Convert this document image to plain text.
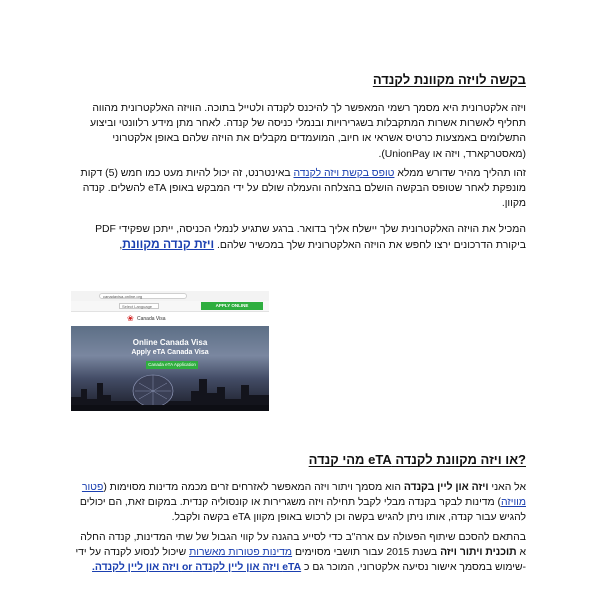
בקשה לויזה מקוונת לקנדה

ויזה אלקטרונית היא מסמך רשמי המאפשר לך להיכנס לקנדה ולטייל בתוכה. הוויזה האלקטרונית מהווה תחליף לאשרות אשרות המתקבלות בשגרירויות ובנמלי כניסה של קנדה. לאחר מתן מידע רלוונטי וביצוע התשלומים באמצעות כרטיס אשראי או חיוב, המועמדים מקבלים את הויזה שלהם באופן אלקטרוני (מאסטרקארד, ויזה או UnionPay).

זהו תהליך מהיר שדורש ממלא טופס בקשת ויזה לקנדה באינטרנט, זה יכול להיות מעט כמו חמש (5) דקות מונפקת לאחר שטופס הבקשה הושלם בהצלחה והעמלה שולם על ידי המבקש באופן eTA להשלים. קנדה מקוון.

המכיל את הויזה האלקטרונית שלך יישלח אליך בדואר. ברגע שתגיע לנמלי הכניסה, ייתכן שפקידי PDF ביקורת הדרכונים ירצו לחפש את הויזה האלקטרונית שלך במכשיר שלהם. ויזת קנדה מקוונת,

canadavisa-online.org
Select Language	APPLY ONLINE
❀ Canada Visa
Online Canada Visa
Apply eTA Canada Visa
Canada eTA Application
?או ויזה מקוונת לקנדה eTA מהי קנדה

אל האני ויזה און ליין בקנדה הוא מסמך ויתור ויזה המאפשר לאזרחים זרים מכמה מדינות מסוימות (פטור מוויזה) מדינות לבקר בקנדה מבלי לקבל תחילה ויזה משגרירות או קונסוליה קנדית. במקום זאת, הם יכולים להגיש עבור קנדה, אותו ניתן להגיש בקשה וכן לרכוש באופן מקוון eTA בקשה ולקבל.

בהתאם להסכם שיתוף הפעולה עם ארה"ב כדי לסייע בהגנה על קווי הגבול של שתי המדינות, קנדה החלה א תוכנית ויתור ויזה בשנת 2015 עבור תושבי מסוימים מדינות פטורות מאשרות שיכול לנסוע לקנדה על ידי -שימוש במסמך אישור נסיעה אלקטרוני, המוכר גם כ eTA ויזה און ליין לקנדה or ויזה און ליין לקנדה.
